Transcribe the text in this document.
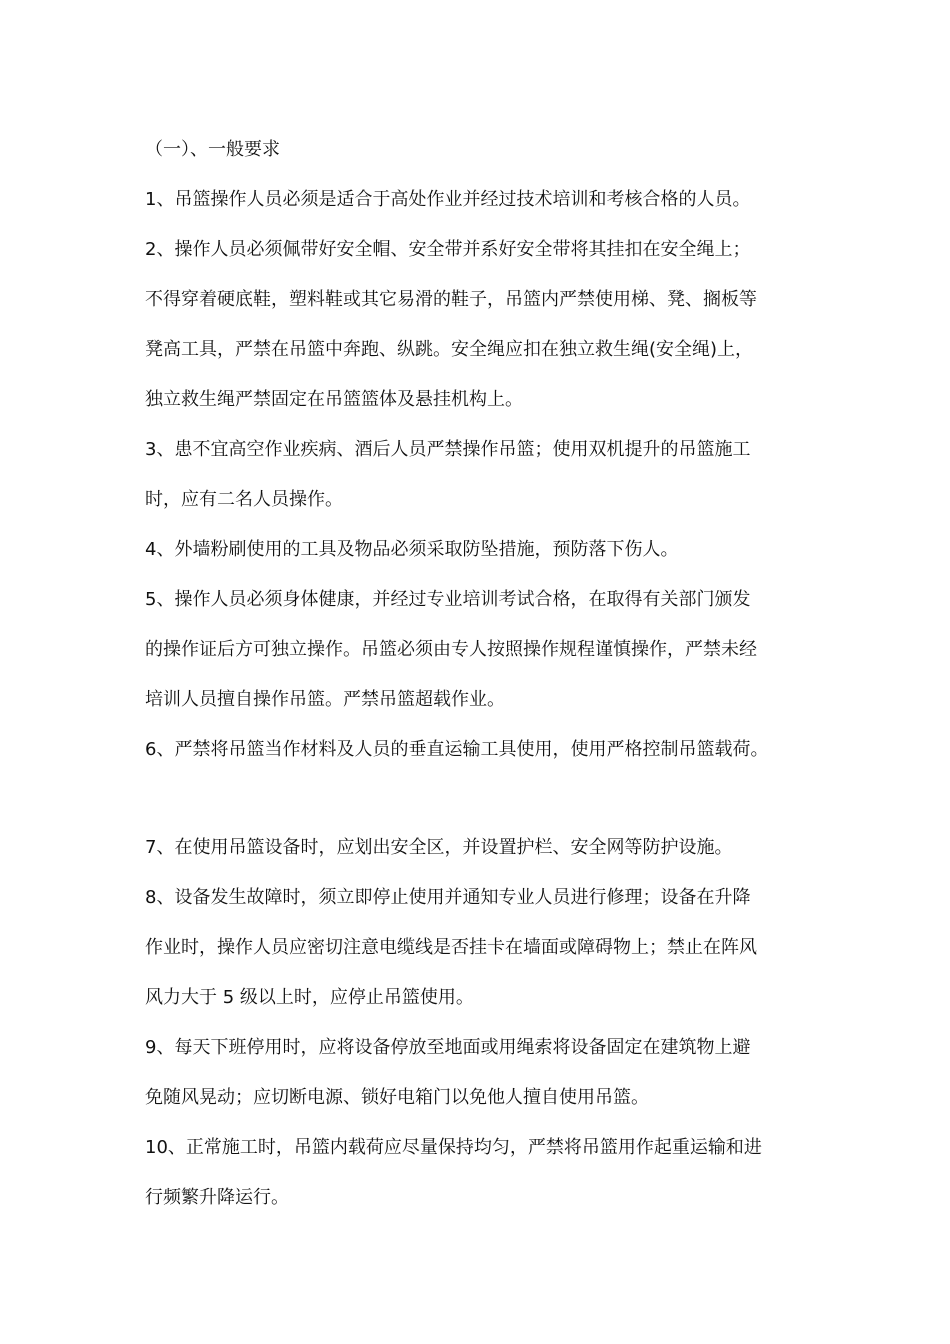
（一）、一般要求
1、吊篮操作人员必须是适合于高处作业并经过技术培训和考核合格的人员。
2、操作人员必须佩带好安全帽、安全带并系好安全带将其挂扣在安全绳上；
不得穿着硬底鞋，塑料鞋或其它易滑的鞋子，吊篮内严禁使用梯、凳、搁板等
凳高工具，严禁在吊篮中奔跑、纵跳。安全绳应扣在独立救生绳(安全绳)上，
独立救生绳严禁固定在吊篮篮体及悬挂机构上。
3、患不宜高空作业疾病、酒后人员严禁操作吊篮；使用双机提升的吊篮施工
时，应有二名人员操作。
4、外墙粉刷使用的工具及物品必须采取防坠措施，预防落下伤人。
5、操作人员必须身体健康，并经过专业培训考试合格，在取得有关部门颁发
的操作证后方可独立操作。吊篮必须由专人按照操作规程谨慎操作，严禁未经
培训人员擅自操作吊篮。严禁吊篮超载作业。
6、严禁将吊篮当作材料及人员的垂直运输工具使用，使用严格控制吊篮载荷。
7、在使用吊篮设备时，应划出安全区，并设置护栏、安全网等防护设施。
8、设备发生故障时，须立即停止使用并通知专业人员进行修理；设备在升降
作业时，操作人员应密切注意电缆线是否挂卡在墙面或障碍物上；禁止在阵风
风力大于 5 级以上时，应停止吊篮使用。
9、每天下班停用时，应将设备停放至地面或用绳索将设备固定在建筑物上避
免随风晃动；应切断电源、锁好电箱门以免他人擅自使用吊篮。
10、正常施工时，吊篮内载荷应尽量保持均匀，严禁将吊篮用作起重运输和进
行频繁升降运行。
